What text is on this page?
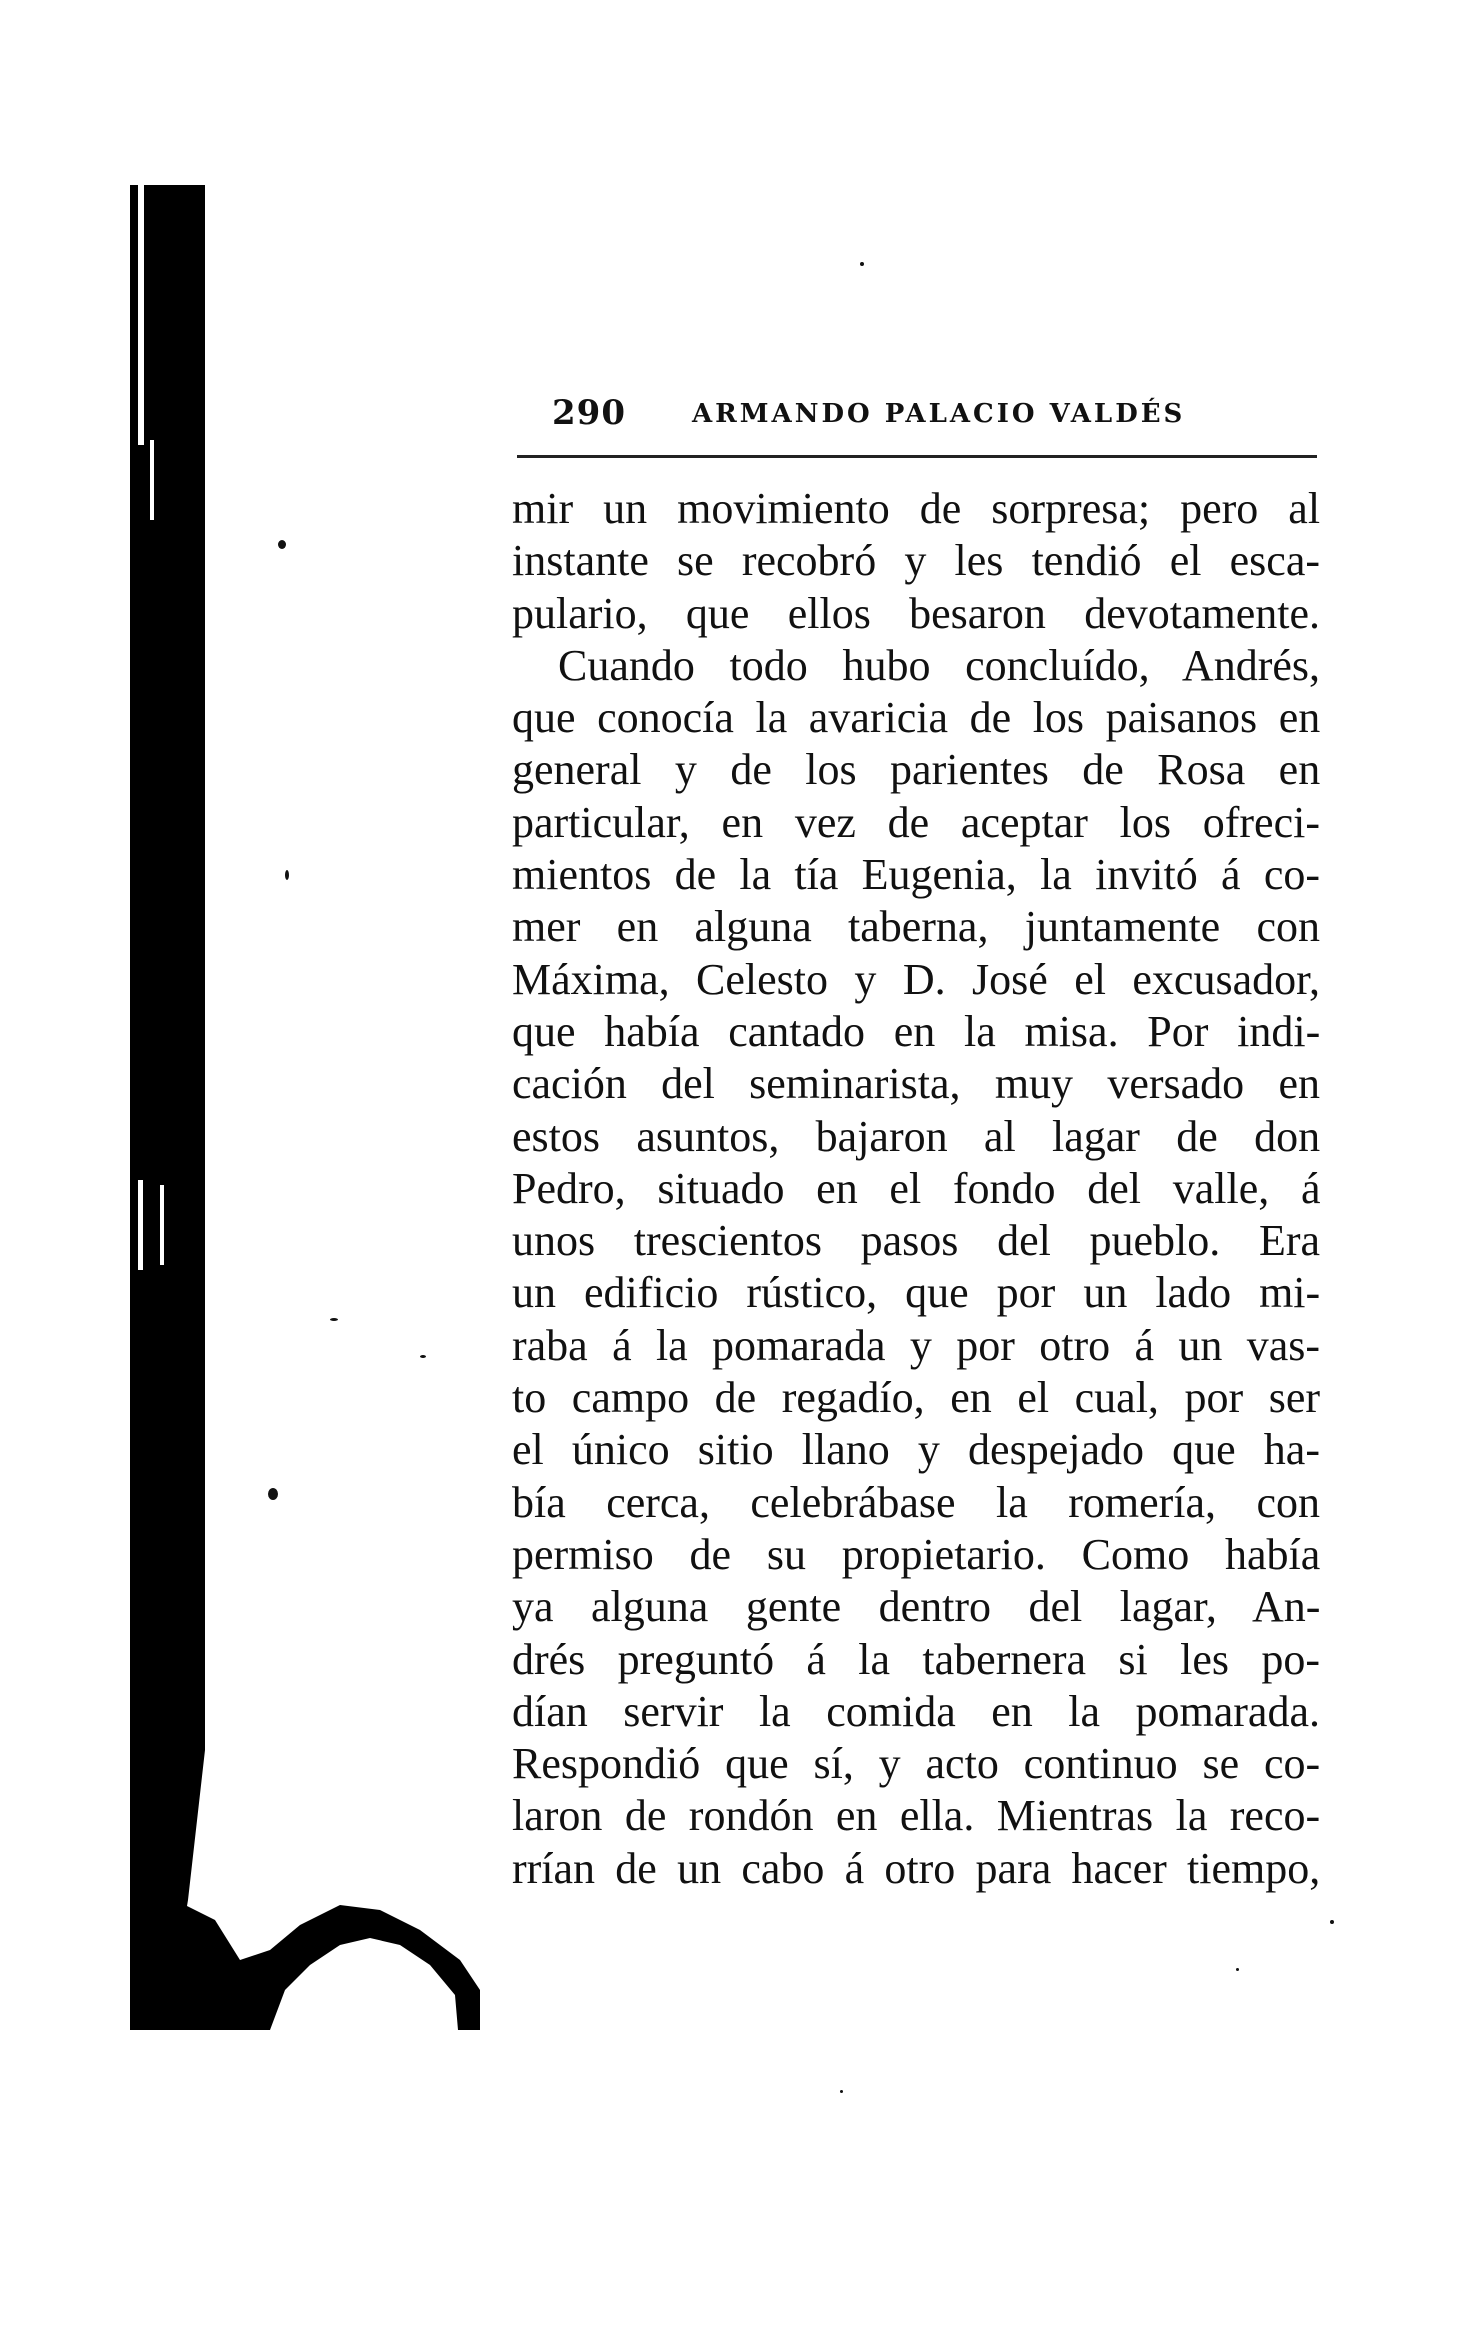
290	ARMANDO PALACIO VALDÉS
mir un movimiento de sorpresa; pero al
instante se recobró y les tendió el esca-
pulario, que ellos besaron devotamente.
Cuando todo hubo concluído, Andrés,
que conocía la avaricia de los paisanos en
general y de los parientes de Rosa en
particular, en vez de aceptar los ofreci-
mientos de la tía Eugenia, la invitó á co-
mer en alguna taberna, juntamente con
Máxima, Celesto y D. José el excusador,
que había cantado en la misa. Por indi-
cación del seminarista, muy versado en
estos asuntos, bajaron al lagar de don
Pedro, situado en el fondo del valle, á
unos trescientos pasos del pueblo. Era
un edificio rústico, que por un lado mi-
raba á la pomarada y por otro á un vas-
to campo de regadío, en el cual, por ser
el único sitio llano y despejado que ha-
bía cerca, celebrábase la romería, con
permiso de su propietario. Como había
ya alguna gente dentro del lagar, An-
drés preguntó á la tabernera si les po-
dían servir la comida en la pomarada.
Respondió que sí, y acto continuo se co-
laron de rondón en ella. Mientras la reco-
rrían de un cabo á otro para hacer tiempo,
